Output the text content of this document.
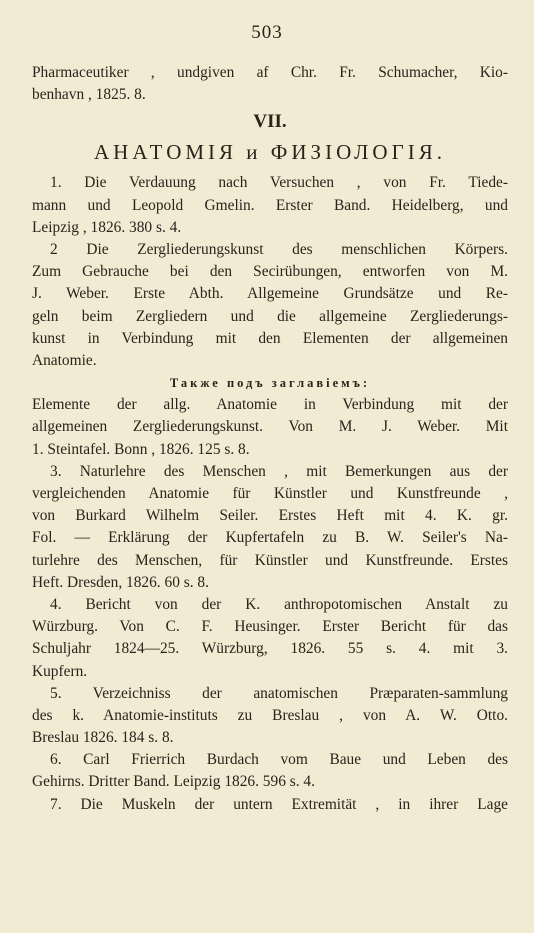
503
Pharmaceutiker , undgiven af Chr. Fr. Schumacher, Kio-
benhavn , 1825. 8.
VII.
АНАТОМІЯ и ФИЗІОЛОГІЯ.
1. Die Verdauung nach Versuchen , von Fr. Tiede-
mann und Leopold Gmelin. Erster Band. Heidelberg, und
Leipzig , 1826. 380 s. 4.
2 Die Zergliederungskunst des menschlichen Körpers.
Zum Gebrauche bei den Secirübungen, entworfen von M.
J. Weber. Erste Abth. Allgemeine Grundsätze und Re-
geln beim Zergliedern und die allgemeine Zergliederungs-
kunst in Verbindung mit den Elementen der allgemeinen
Anatomie.
Также подъ заглавіемъ:
Elemente der allg. Anatomie in Verbindung mit der
allgemeinen Zergliederungskunst. Von M. J. Weber. Mit
1. Steintafel. Bonn , 1826. 125 s. 8.
3. Naturlehre des Menschen , mit Bemerkungen aus der
vergleichenden Anatomie für Künstler und Kunstfreunde ,
von Burkard Wilhelm Seiler. Erstes Heft mit 4. K. gr.
Fol. — Erklärung der Kupfertafeln zu B. W. Seiler's Na-
turlehre des Menschen, für Künstler und Kunstfreunde. Erstes
Heft. Dresden, 1826. 60 s. 8.
4. Bericht von der K. anthropotomischen Anstalt zu
Würzburg. Von C. F. Heusinger. Erster Bericht für das
Schuljahr 1824—25. Würzburg, 1826. 55 s. 4. mit 3.
Kupfern.
5. Verzeichniss der anatomischen Præparaten-sammlung
des k. Anatomie-instituts zu Breslau , von A. W. Otto.
Breslau 1826. 184 s. 8.
6. Carl Frierrich Burdach vom Baue und Leben des
Gehirns. Dritter Band. Leipzig 1826. 596 s. 4.
7. Die Muskeln der untern Extremität , in ihrer Lage
